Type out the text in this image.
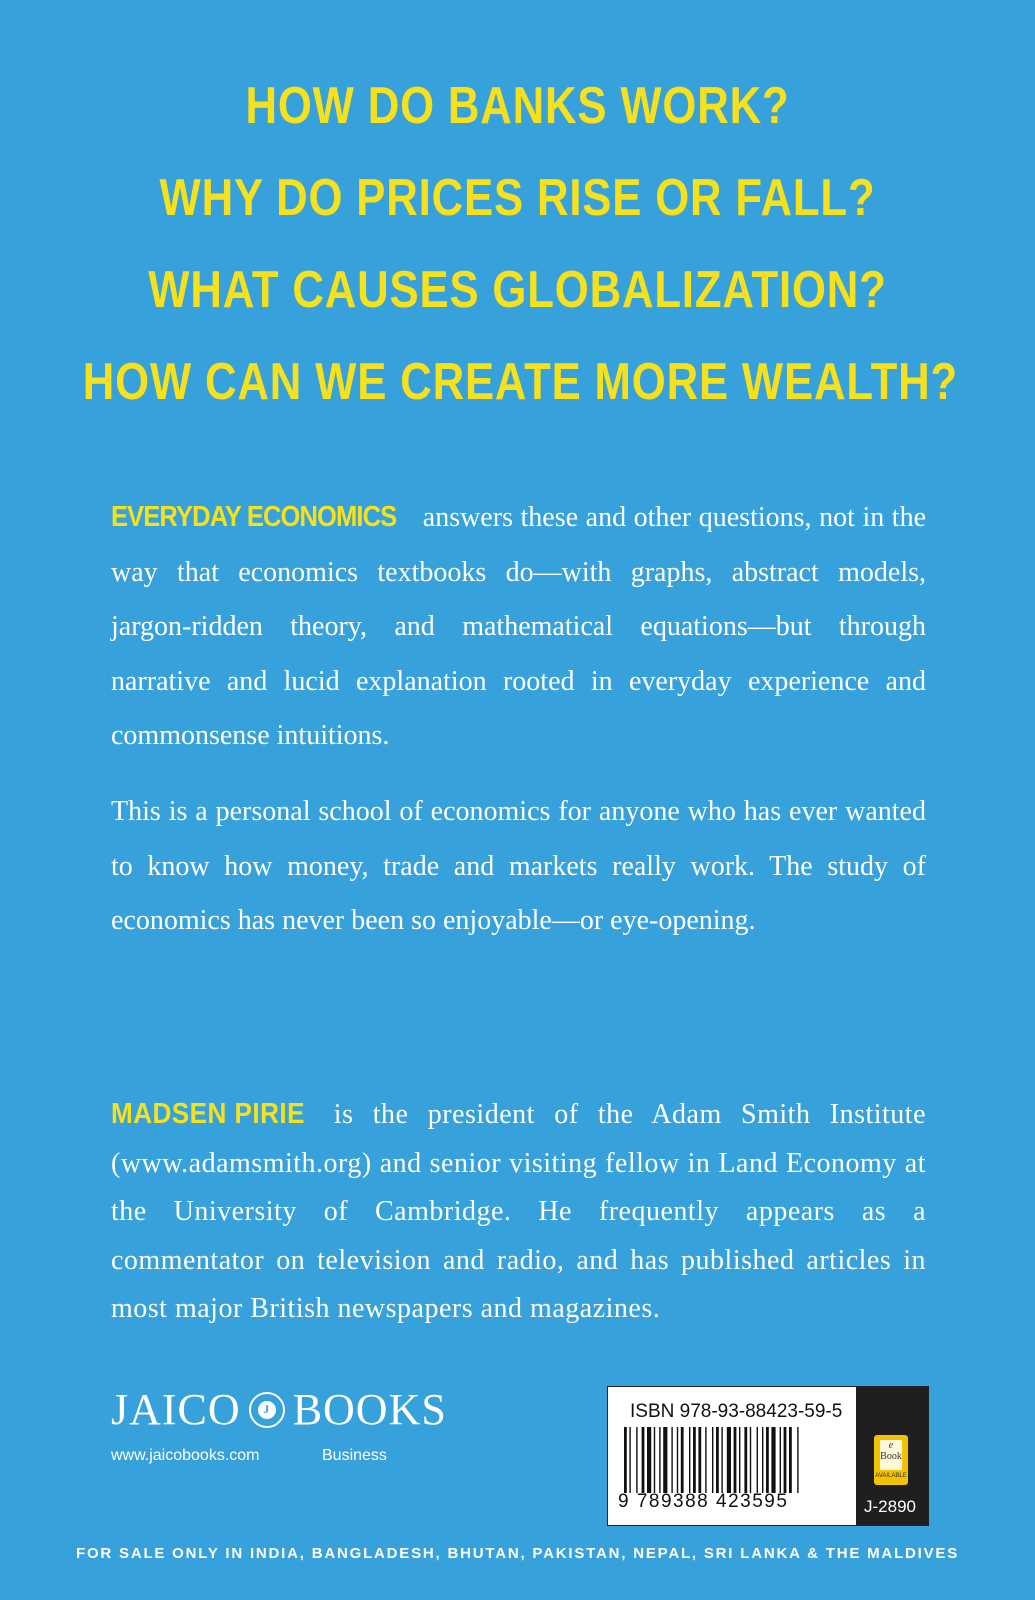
HOW DO BANKS WORK?
WHY DO PRICES RISE OR FALL?
WHAT CAUSES GLOBALIZATION?
HOW CAN WE CREATE MORE WEALTH?

EVERYDAY ECONOMICS answers these and other questions, not in the way that economics textbooks do—with graphs, abstract models, jargon-ridden theory, and mathematical equations—but through narrative and lucid explanation rooted in everyday experience and commonsense intuitions.

This is a personal school of economics for anyone who has ever wanted to know how money, trade and markets really work. The study of economics has never been so enjoyable—or eye-opening.

MADSEN PIRIE is the president of the Adam Smith Institute (www.adamsmith.org) and senior visiting fellow in Land Economy at the University of Cambridge. He frequently appears as a commentator on television and radio, and has published articles in most major British newspapers and magazines.

JAICO	J BOOKS
www.jaicobooks.com	Business
ISBN 978-93-88423-59-5
9 789388 423595
e
Book
AVAILABLE
J-2890
FOR SALE ONLY IN INDIA, BANGLADESH, BHUTAN, PAKISTAN, NEPAL, SRI LANKA & THE MALDIVES
